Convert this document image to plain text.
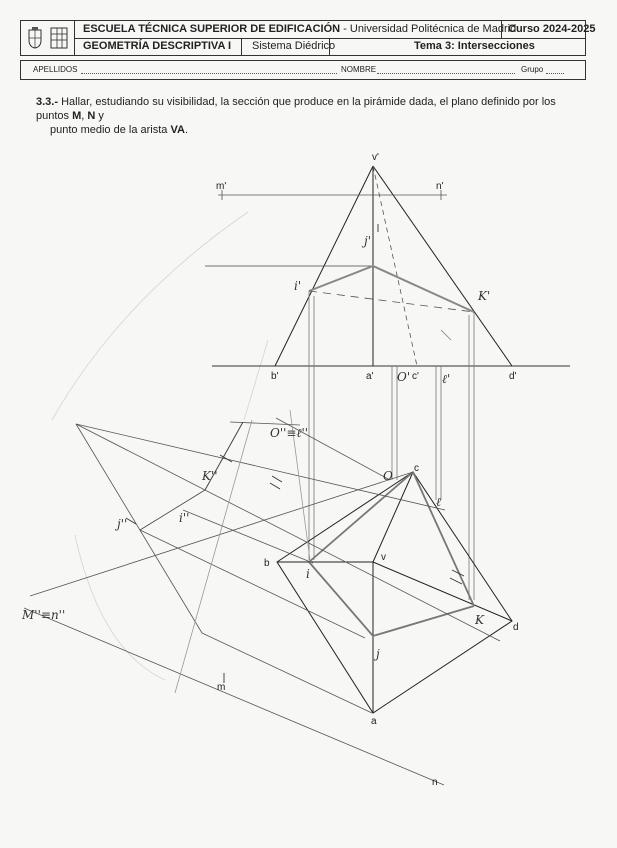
v'
m'	n'
b'	a'	c'	d'
v
c
b
d
a
m
n
O'	ℓ'
j'
i'
K'
ℓ
O
K
i
j
K''
i''
j''
O''≡ℓ''
M''≡n''
ESCUELA TÉCNICA SUPERIOR DE EDIFICACIÓN - Universidad Politécnica de Madrid
Curso 2024-2025
GEOMETRÍA DESCRIPTIVA I	Sistema Diédrico	Tema 3: Intersecciones
APELLIDOS	NOMBRE	Grupo
3.3.- Hallar, estudiando su visibilidad, la sección que produce en la pirámide dada, el plano definido por los puntos M, N y
punto medio de la arista VA.
